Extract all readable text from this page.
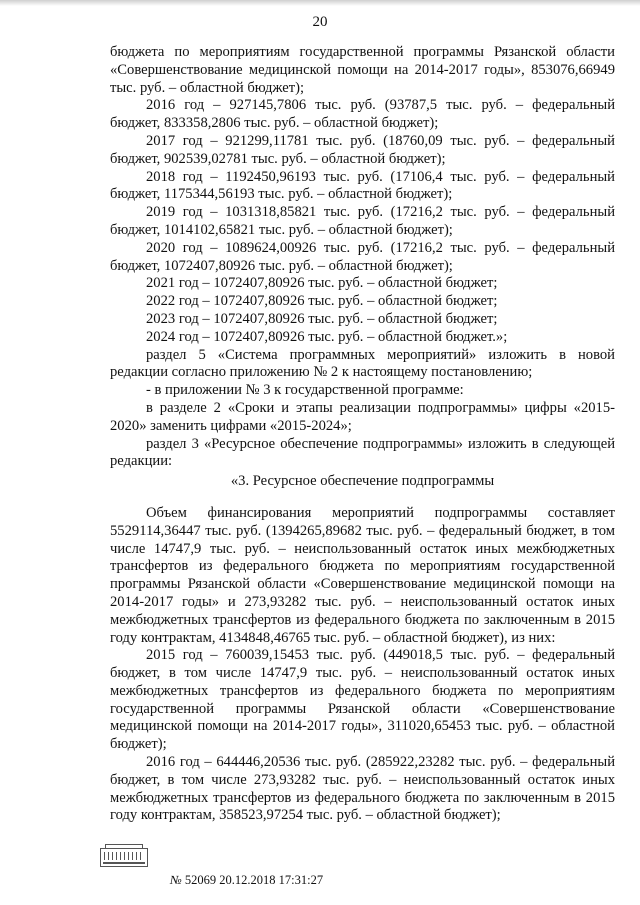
20

бюджета по мероприятиям государственной программы Рязанской области «Совершенствование медицинской помощи на 2014-2017 годы», 853076,66949 тыс. руб. – областной бюджет);

2016 год – 927145,7806 тыс. руб. (93787,5 тыс. руб. – федеральный бюджет, 833358,2806 тыс. руб. – областной бюджет);

2017 год – 921299,11781 тыс. руб. (18760,09 тыс. руб. – федеральный бюджет, 902539,02781 тыс. руб. – областной бюджет);

2018 год – 1192450,96193 тыс. руб. (17106,4 тыс. руб. – федеральный бюджет, 1175344,56193 тыс. руб. – областной бюджет);

2019 год – 1031318,85821 тыс. руб. (17216,2 тыс. руб. – федеральный бюджет, 1014102,65821 тыс. руб. – областной бюджет);

2020 год – 1089624,00926 тыс. руб. (17216,2 тыс. руб. – федеральный бюджет, 1072407,80926 тыс. руб. – областной бюджет);

2021 год – 1072407,80926 тыс. руб. – областной бюджет;

2022 год – 1072407,80926 тыс. руб. – областной бюджет;

2023 год – 1072407,80926 тыс. руб. – областной бюджет;

2024 год – 1072407,80926 тыс. руб. – областной бюджет.»;

раздел 5 «Система программных мероприятий» изложить в новой редакции согласно приложению № 2 к настоящему постановлению;

- в приложении № 3 к государственной программе:

в разделе 2 «Сроки и этапы реализации подпрограммы» цифры «2015-2020» заменить цифрами «2015-2024»;

раздел 3 «Ресурсное обеспечение подпрограммы» изложить в следующей редакции:

«3. Ресурсное обеспечение подпрограммы

Объем финансирования мероприятий подпрограммы составляет 5529114,36447 тыс. руб. (1394265,89682 тыс. руб. – федеральный бюджет, в том числе 14747,9 тыс. руб. – неиспользованный остаток иных межбюджетных трансфертов из федерального бюджета по мероприятиям государственной программы Рязанской области «Совершенствование медицинской помощи на 2014-2017 годы» и 273,93282 тыс. руб. – неиспользованный остаток иных межбюджетных трансфертов из федерального бюджета по заключенным в 2015 году контрактам, 4134848,46765 тыс. руб. – областной бюджет), из них:

2015 год – 760039,15453 тыс. руб. (449018,5 тыс. руб. – федеральный бюджет, в том числе 14747,9 тыс. руб. – неиспользованный остаток иных межбюджетных трансфертов из федерального бюджета по мероприятиям государственной программы Рязанской области «Совершенствование медицинской помощи на 2014-2017 годы», 311020,65453 тыс. руб. – областной бюджет);

2016 год – 644446,20536 тыс. руб. (285922,23282 тыс. руб. – федеральный бюджет, в том числе 273,93282 тыс. руб. – неиспользованный остаток иных межбюджетных трансфертов из федерального бюджета по заключенным в 2015 году контрактам, 358523,97254 тыс. руб. – областной бюджет);

№ 52069 20.12.2018 17:31:27
